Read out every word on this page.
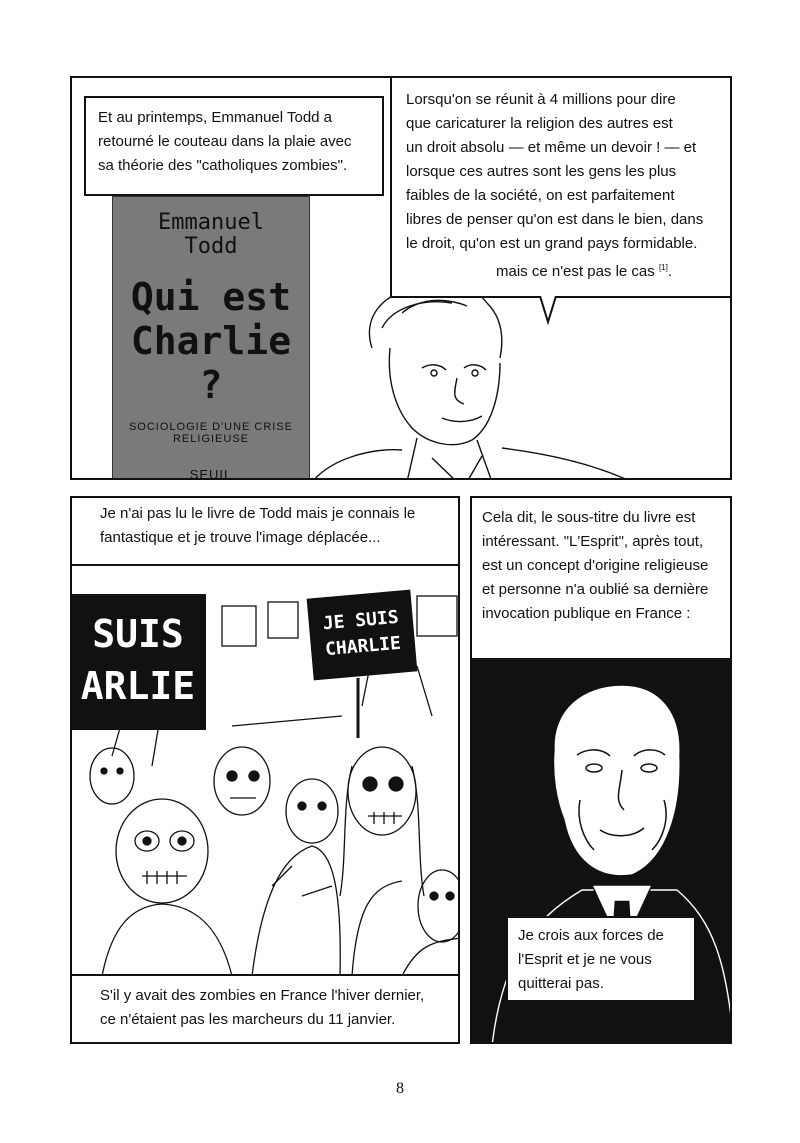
Et au printemps, Emmanuel Todd a
retourné le couteau dans la plaie avec
sa théorie des "catholiques zombies".
Emmanuel
Todd
Qui est
Charlie ?
SOCIOLOGIE D'UNE CRISE RELIGIEUSE
SEUIL
Lorsqu'on se réunit à 4 millions pour dire
que caricaturer la religion des autres est
un droit absolu — et même un devoir ! — et
lorsque ces autres sont les gens les plus
faibles de la société, on est parfaitement
libres de penser qu'on est dans le bien, dans
le droit, qu'on est un grand pays formidable.
mais ce n'est pas le cas [1].
Je n'ai pas lu le livre de Todd mais je connais le
fantastique et je trouve l'image déplacée...
SUIS
ARLIE
JE SUIS
CHARLIE
S'il y avait des zombies en France l'hiver dernier,
ce n'étaient pas les marcheurs du 11 janvier.
Cela dit, le sous-titre du livre est
intéressant. "L'Esprit", après tout,
est un concept d'origine religieuse
et personne n'a oublié sa dernière
invocation publique en France :
Je crois aux forces de
l'Esprit et je ne vous
quitterai pas.
8
